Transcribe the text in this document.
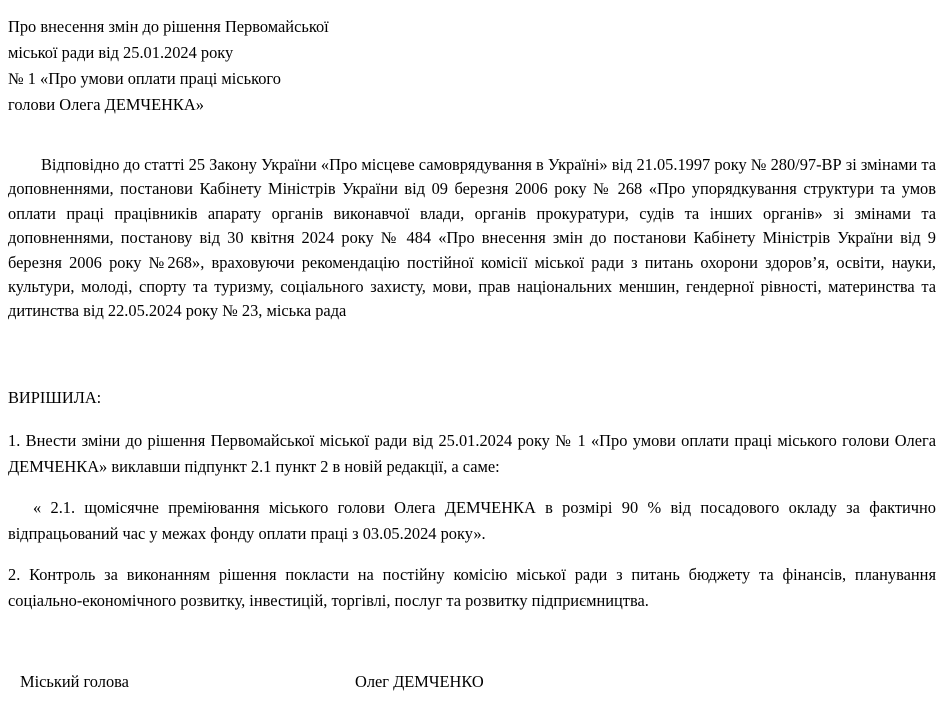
Про внесення змін до рішення Первомайської
міської ради від 25.01.2024 року
№ 1 «Про умови оплати праці міського
голови Олега ДЕМЧЕНКА»
Відповідно до статті 25 Закону України «Про місцеве самоврядування в Україні» від 21.05.1997 року № 280/97-ВР зі змінами та доповненнями, постанови Кабінету Міністрів України від 09 березня 2006 року № 268 «Про упорядкування структури та умов оплати праці працівників апарату органів виконавчої влади, органів прокуратури, судів та інших органів» зі змінами та доповненнями, постанову від 30 квітня 2024 року № 484 «Про внесення змін до постанови Кабінету Міністрів України від 9 березня 2006 року №268», враховуючи рекомендацію постійної комісії міської ради з питань охорони здоров’я, освіти, науки, культури, молоді, спорту та туризму, соціального захисту, мови, прав національних меншин, гендерної рівності, материнства та дитинства від 22.05.2024 року № 23, міська рада
ВИРІШИЛА:
1. Внести зміни до рішення Первомайської міської ради від 25.01.2024 року № 1 «Про умови оплати праці міського голови Олега ДЕМЧЕНКА» виклавши підпункт 2.1 пункт 2 в новій редакції, а саме:
« 2.1. щомісячне преміювання міського голови Олега ДЕМЧЕНКА в розмірі 90 % від посадового окладу за фактично відпрацьований час у межах фонду оплати праці з 03.05.2024 року».
2. Контроль за виконанням рішення покласти на постійну комісію міської ради з питань бюджету та фінансів, планування соціально-економічного розвитку, інвестицій, торгівлі, послуг та розвитку підприємництва.
Міський голова	Олег ДЕМЧЕНКО
